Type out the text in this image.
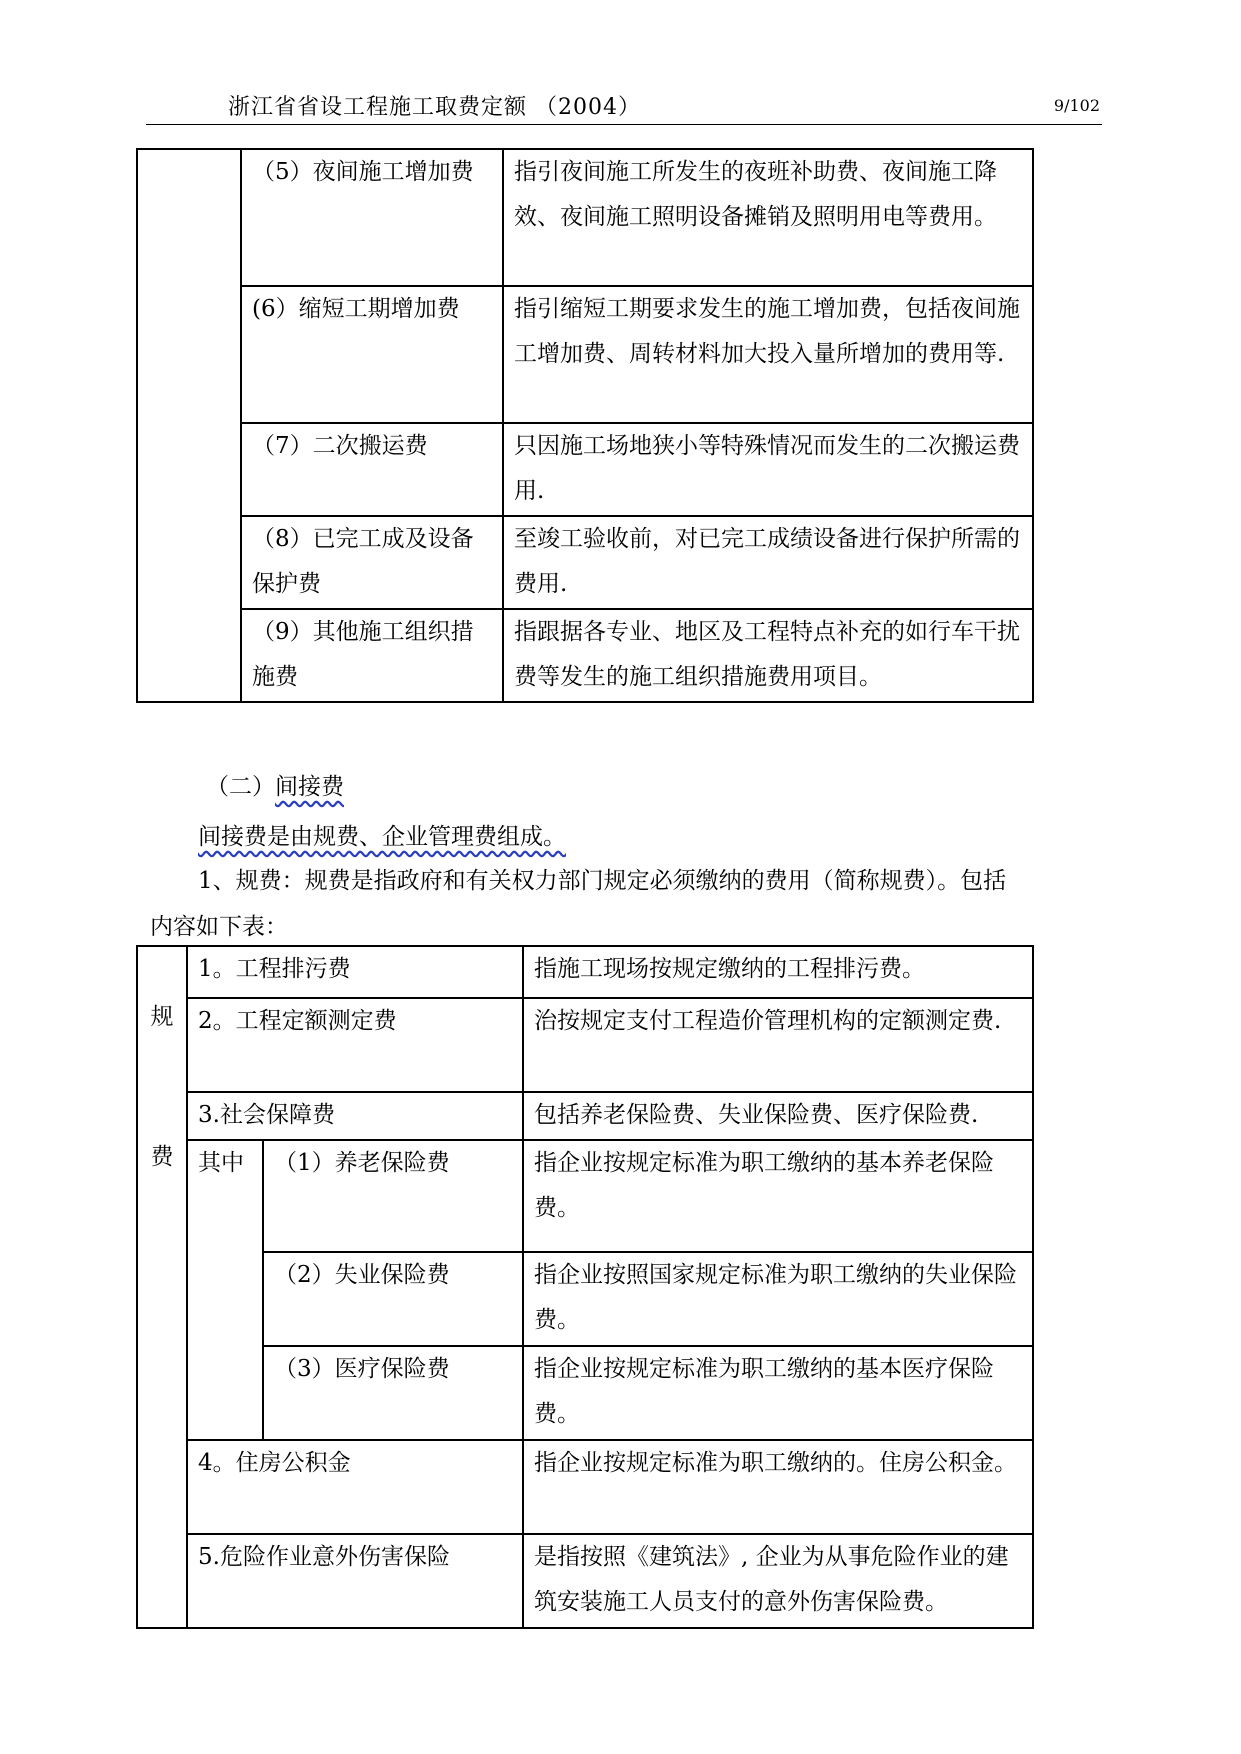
浙江省省设工程施工取费定额 （2004）	9/102
	（5）夜间施工增加费	指引夜间施工所发生的夜班补助费、夜间施工降效、夜间施工照明设备摊销及照明用电等费用。
	(6）缩短工期增加费	指引缩短工期要求发生的施工增加费，包括夜间施工增加费、周转材料加大投入量所增加的费用等.
	（7）二次搬运费	只因施工场地狭小等特殊情况而发生的二次搬运费用.
	（8）已完工成及设备保护费	至竣工验收前，对已完工成绩设备进行保护所需的费用.
	（9）其他施工组织措施费	指跟据各专业、地区及工程特点补充的如行车干扰费等发生的施工组织措施费用项目。
（二）间接费
间接费是由规费、企业管理费组成。
1、规费：规费是指政府和有关权力部门规定必须缴纳的费用（简称规费）。包括
内容如下表：
规
费	1。工程排污费		指施工现场按规定缴纳的工程排污费。
	2。工程定额测定费		治按规定支付工程造价管理机构的定额测定费.
	3.社会保障费		包括养老保险费、失业保险费、医疗保险费.
	其中	（1）养老保险费	指企业按规定标准为职工缴纳的基本养老保险费。
		（2）失业保险费	指企业按照国家规定标准为职工缴纳的失业保险费。
		（3）医疗保险费	指企业按规定标准为职工缴纳的基本医疗保险费。
	4。住房公积金		指企业按规定标准为职工缴纳的。住房公积金。
	5.危险作业意外伤害保险		是指按照《建筑法》, 企业为从事危险作业的建筑安装施工人员支付的意外伤害保险费。
